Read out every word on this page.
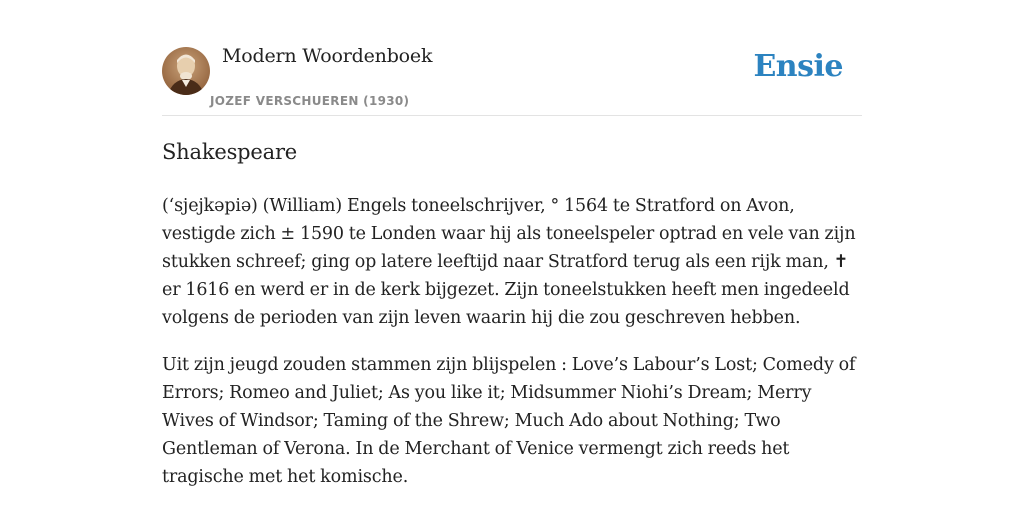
Modern Woordenboek
JOZEF VERSCHUEREN (1930)
Ensie
Shakespeare

(‘sjejkəpiə) (William) Engels toneelschrijver, ° 1564 te Stratford on Avon, vestigde zich ± 1590 te Londen waar hij als toneelspeler optrad en vele van zijn stukken schreef; ging op latere leeftijd naar Stratford terug als een rijk man, ✝ er 1616 en werd er in de kerk bijgezet. Zijn toneelstukken heeft men ingedeeld volgens de perioden van zijn leven waarin hij die zou geschreven hebben.

Uit zijn jeugd zouden stammen zijn blijspelen : Love’s Labour’s Lost; Comedy of Errors; Romeo and Juliet; As you like it; Midsummer Niohi’s Dream; Merry Wives of Windsor; Taming of the Shrew; Much Ado about Nothing; Two Gentleman of Verona. In de Merchant of Venice vermengt zich reeds het tragische met het komische.
